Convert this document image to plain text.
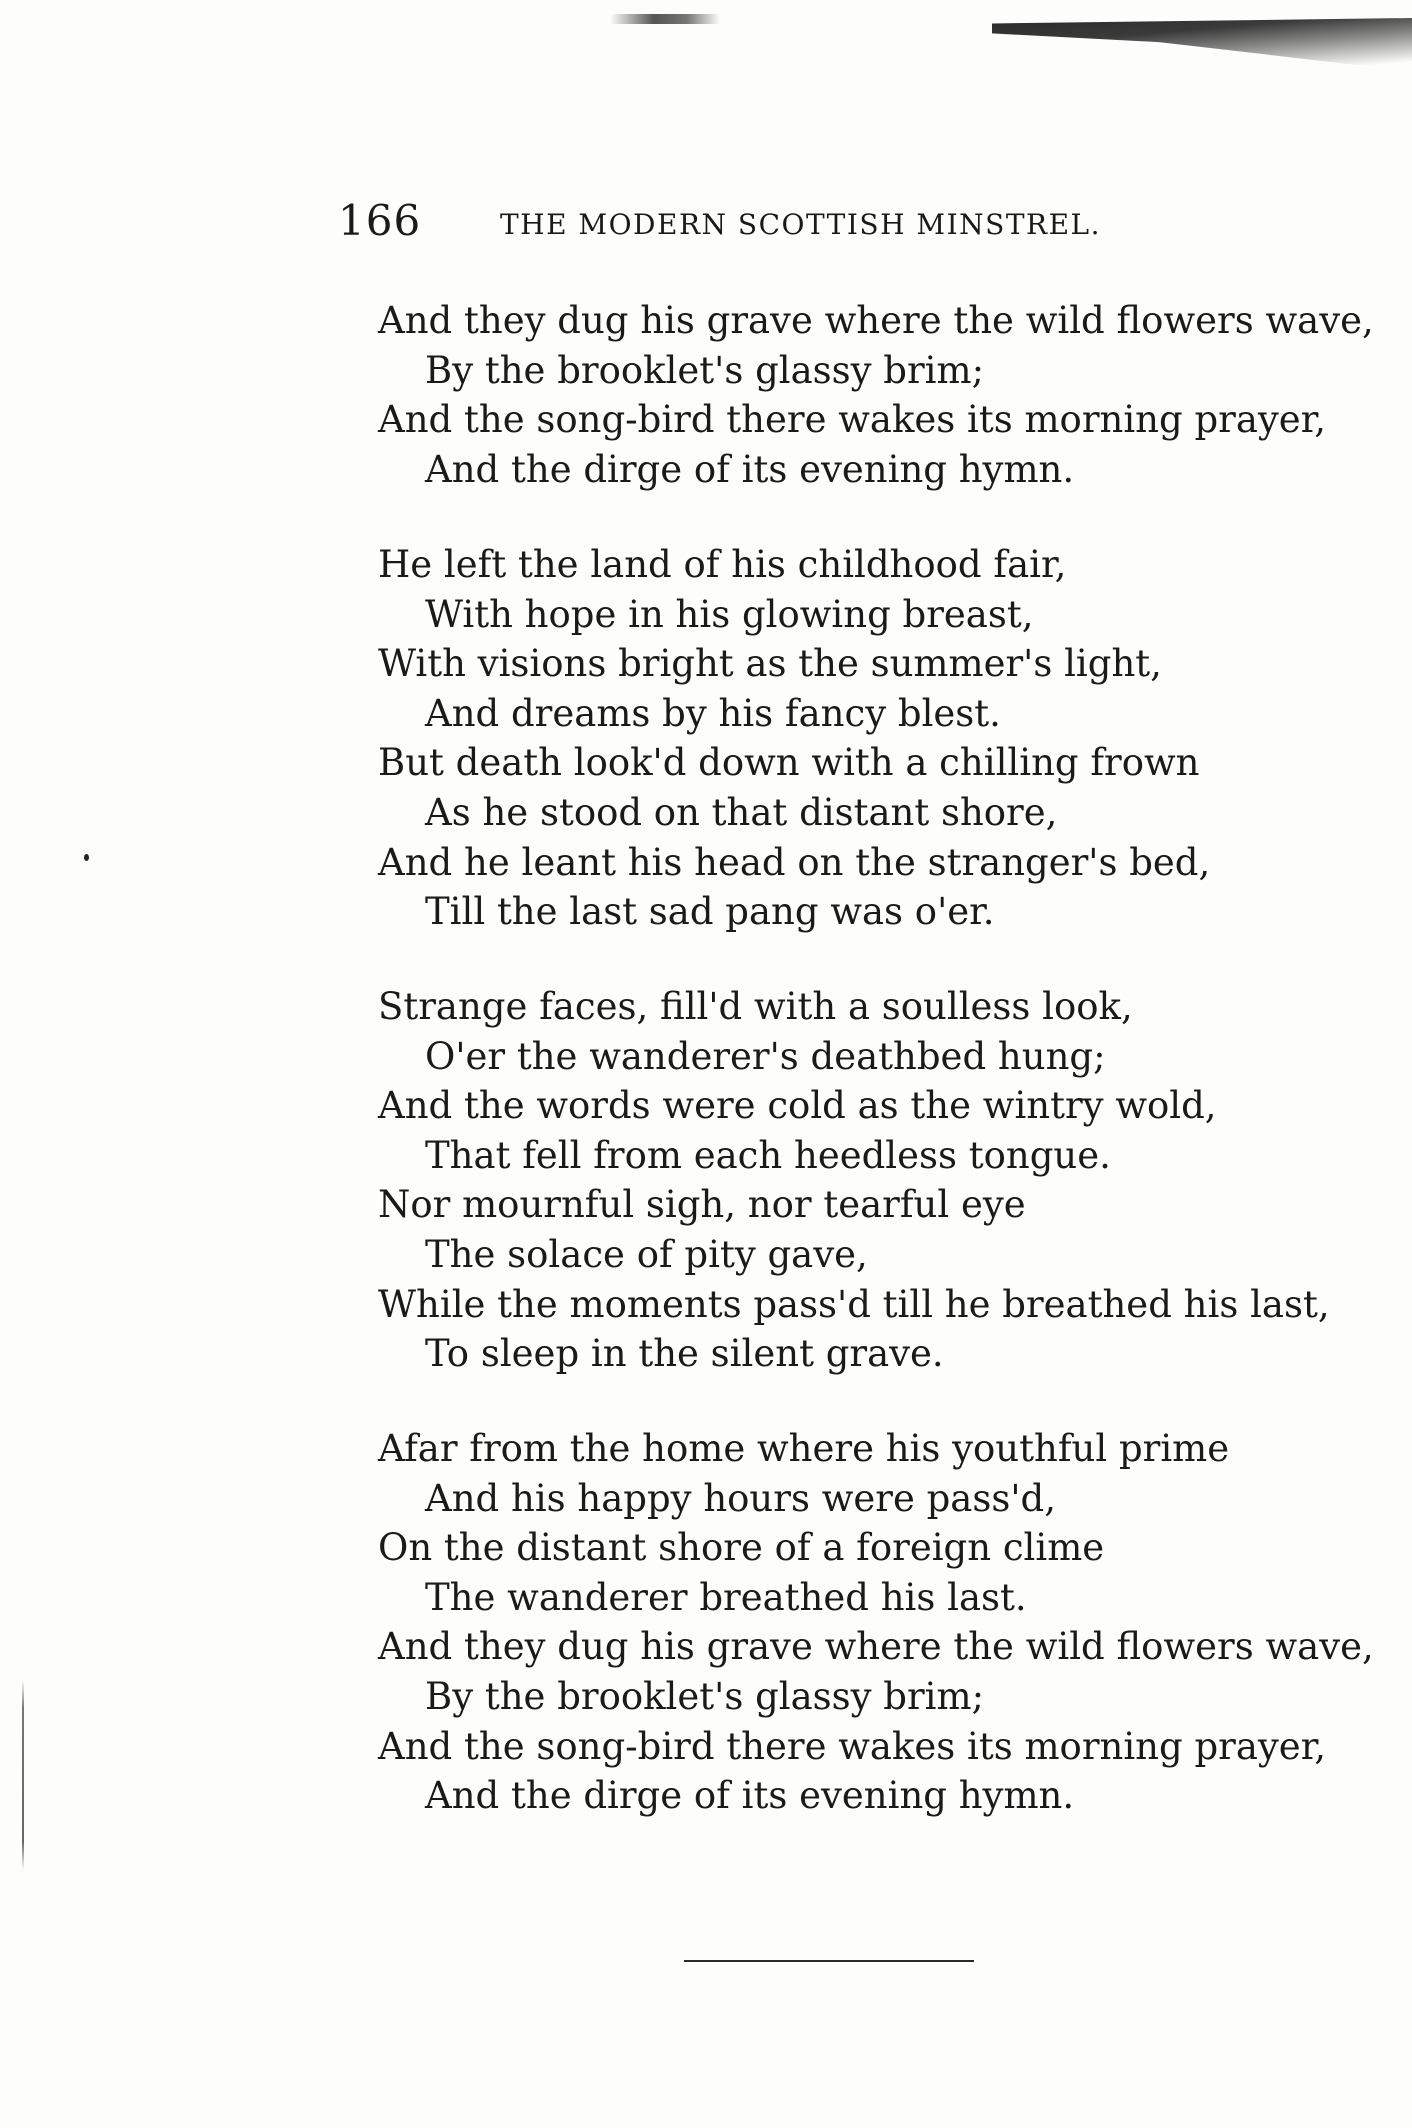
166	THE MODERN SCOTTISH MINSTREL.
And they dug his grave where the wild flowers wave,
By the brooklet's glassy brim;
And the song-bird there wakes its morning prayer,
And the dirge of its evening hymn.
He left the land of his childhood fair,
With hope in his glowing breast,
With visions bright as the summer's light,
And dreams by his fancy blest.
But death look'd down with a chilling frown
As he stood on that distant shore,
And he leant his head on the stranger's bed,
Till the last sad pang was o'er.
Strange faces, fill'd with a soulless look,
O'er the wanderer's deathbed hung;
And the words were cold as the wintry wold,
That fell from each heedless tongue.
Nor mournful sigh, nor tearful eye
The solace of pity gave,
While the moments pass'd till he breathed his last,
To sleep in the silent grave.
Afar from the home where his youthful prime
And his happy hours were pass'd,
On the distant shore of a foreign clime
The wanderer breathed his last.
And they dug his grave where the wild flowers wave,
By the brooklet's glassy brim;
And the song-bird there wakes its morning prayer,
And the dirge of its evening hymn.
